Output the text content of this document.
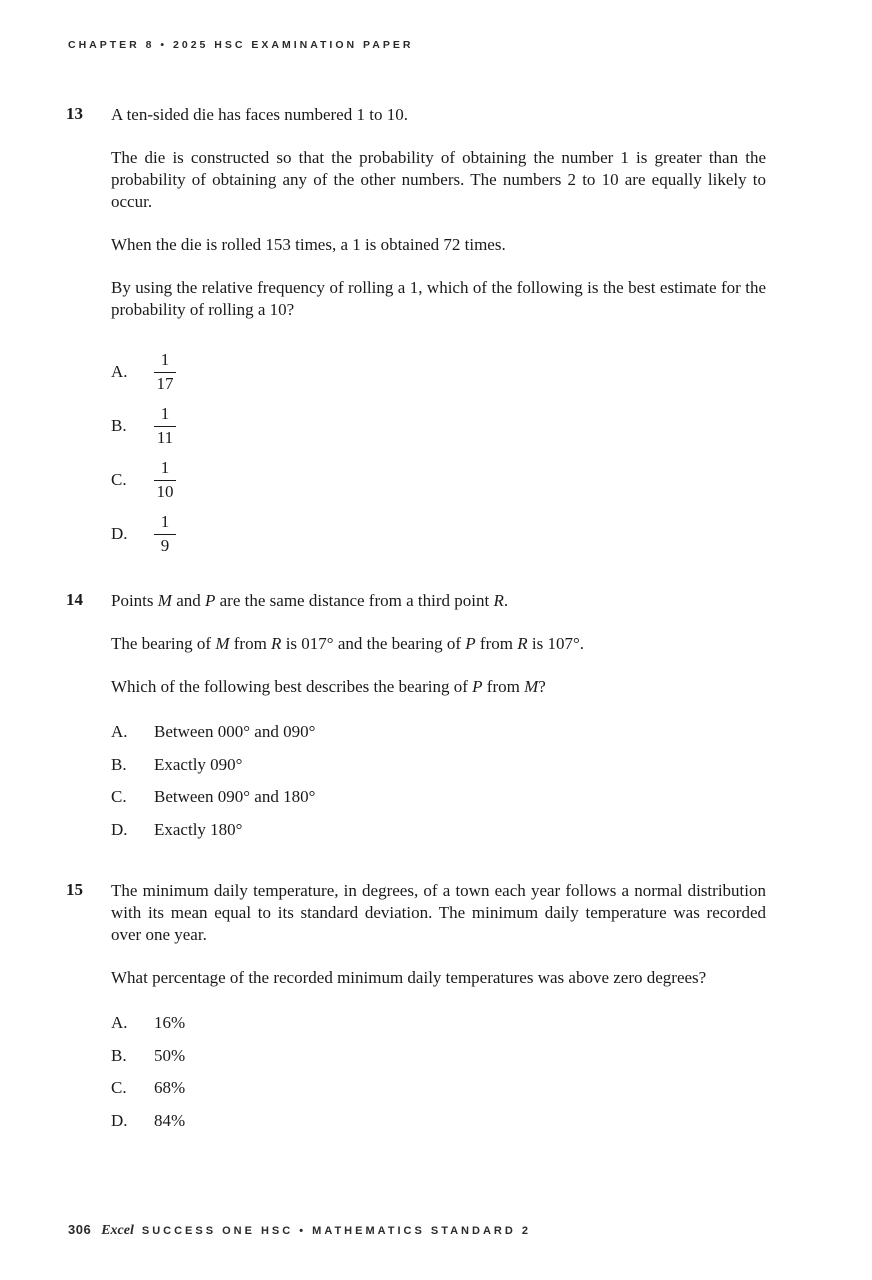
CHAPTER 8 • 2025 HSC EXAMINATION PAPER
13 A ten-sided die has faces numbered 1 to 10.

The die is constructed so that the probability of obtaining the number 1 is greater than the probability of obtaining any of the other numbers. The numbers 2 to 10 are equally likely to occur.

When the die is rolled 153 times, a 1 is obtained 72 times.

By using the relative frequency of rolling a 1, which of the following is the best estimate for the probability of rolling a 10?

A.	$\frac{1}{17}$
B.	$\frac{1}{11}$
C.	$\frac{1}{10}$
D.	$\frac{1}{9}$
14 Points M and P are the same distance from a third point R.

The bearing of M from R is 017° and the bearing of P from R is 107°.

Which of the following best describes the bearing of P from M?

A.	Between 000° and 090°
B.	Exactly 090°
C.	Between 090° and 180°
D.	Exactly 180°
15 The minimum daily temperature, in degrees, of a town each year follows a normal distribution with its mean equal to its standard deviation. The minimum daily temperature was recorded over one year.

What percentage of the recorded minimum daily temperatures was above zero degrees?

A.	16%
B.	50%
C.	68%
D.	84%
306 Excel SUCCESS ONE HSC • MATHEMATICS STANDARD 2
